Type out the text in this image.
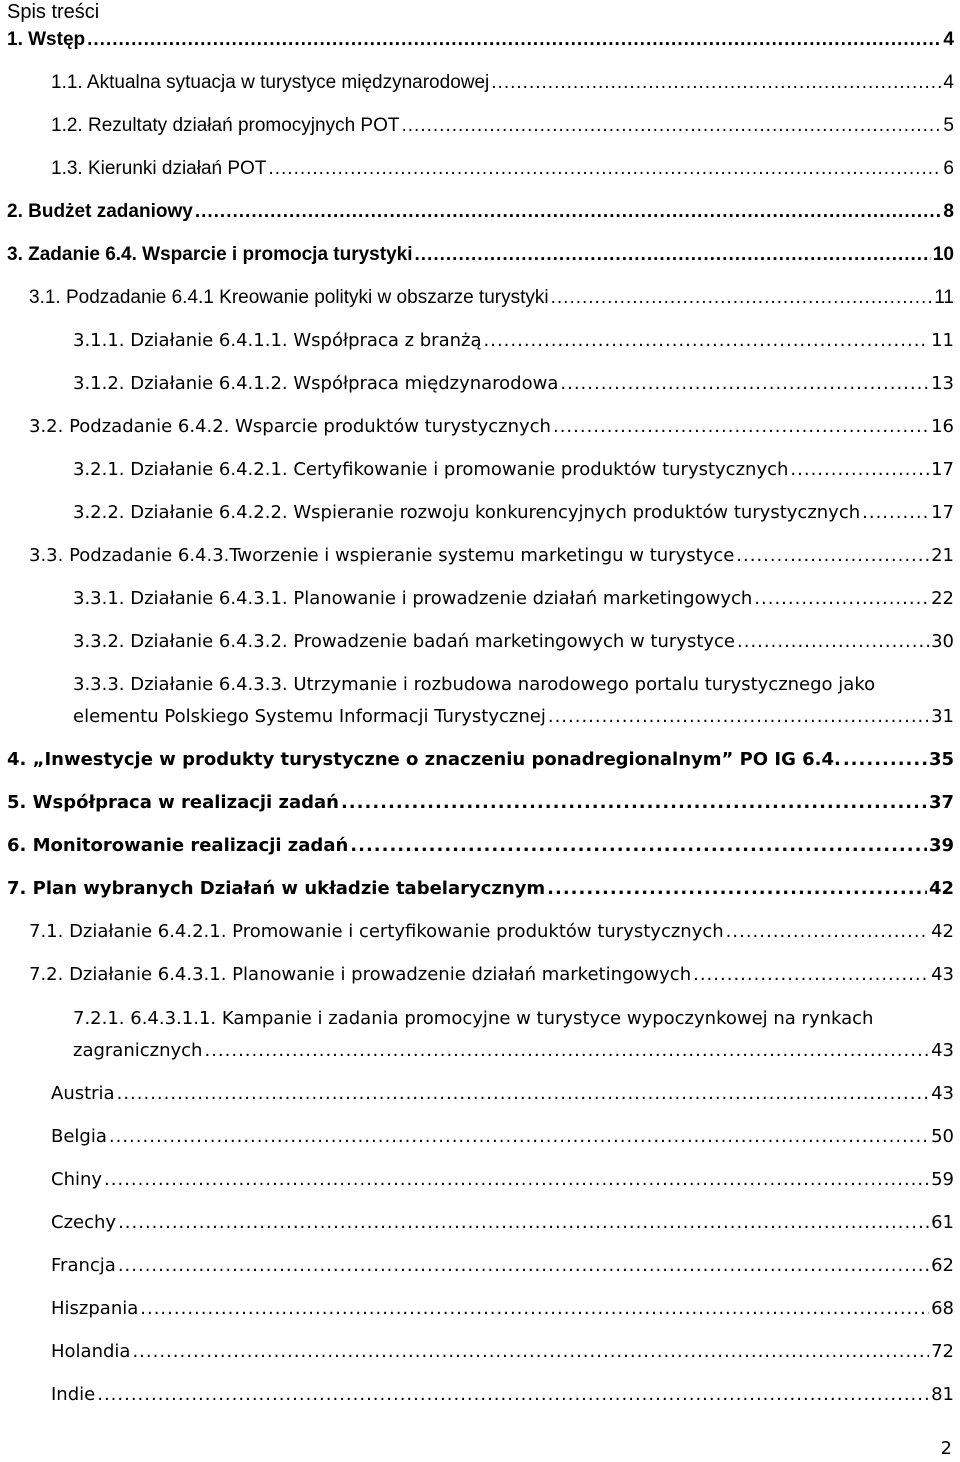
Spis treści
1. Wstęp .....	4
1.1. Aktualna sytuacja w turystyce międzynarodowej .....	4
1.2. Rezultaty działań promocyjnych POT .....	5
1.3. Kierunki działań POT .....	6
2. Budżet zadaniowy .....	8
3. Zadanie 6.4. Wsparcie i promocja turystyki .....	10
3.1. Podzadanie 6.4.1 Kreowanie polityki w obszarze turystyki .....	11
3.1.1. Działanie 6.4.1.1. Współpraca z branżą .....	11
3.1.2. Działanie 6.4.1.2. Współpraca międzynarodowa .....	13
3.2. Podzadanie 6.4.2. Wsparcie produktów turystycznych .....	16
3.2.1. Działanie 6.4.2.1. Certyfikowanie i promowanie produktów turystycznych .....	17
3.2.2. Działanie 6.4.2.2. Wspieranie rozwoju konkurencyjnych produktów turystycznych .....	17
3.3. Podzadanie 6.4.3.Tworzenie i wspieranie systemu marketingu w turystyce .....	21
3.3.1. Działanie 6.4.3.1. Planowanie i prowadzenie działań marketingowych .....	22
3.3.2. Działanie 6.4.3.2. Prowadzenie badań marketingowych w turystyce .....	30
3.3.3. Działanie 6.4.3.3. Utrzymanie i rozbudowa narodowego portalu turystycznego jako
elementu Polskiego Systemu Informacji Turystycznej .....	31
4. „Inwestycje w produkty turystyczne o znaczeniu ponadregionalnym” PO IG 6.4. .....	35
5. Współpraca w realizacji zadań .....	37
6. Monitorowanie realizacji zadań .....	39
7. Plan wybranych Działań w układzie tabelarycznym .....	42
7.1. Działanie 6.4.2.1. Promowanie i certyfikowanie produktów turystycznych .....	42
7.2. Działanie 6.4.3.1. Planowanie i prowadzenie działań marketingowych .....	43
7.2.1. 6.4.3.1.1. Kampanie i zadania promocyjne w turystyce wypoczynkowej na rynkach
zagranicznych .....	43
Austria .....	43
Belgia .....	50
Chiny .....	59
Czechy .....	61
Francja .....	62
Hiszpania .....	68
Holandia .....	72
Indie .....	81
2
